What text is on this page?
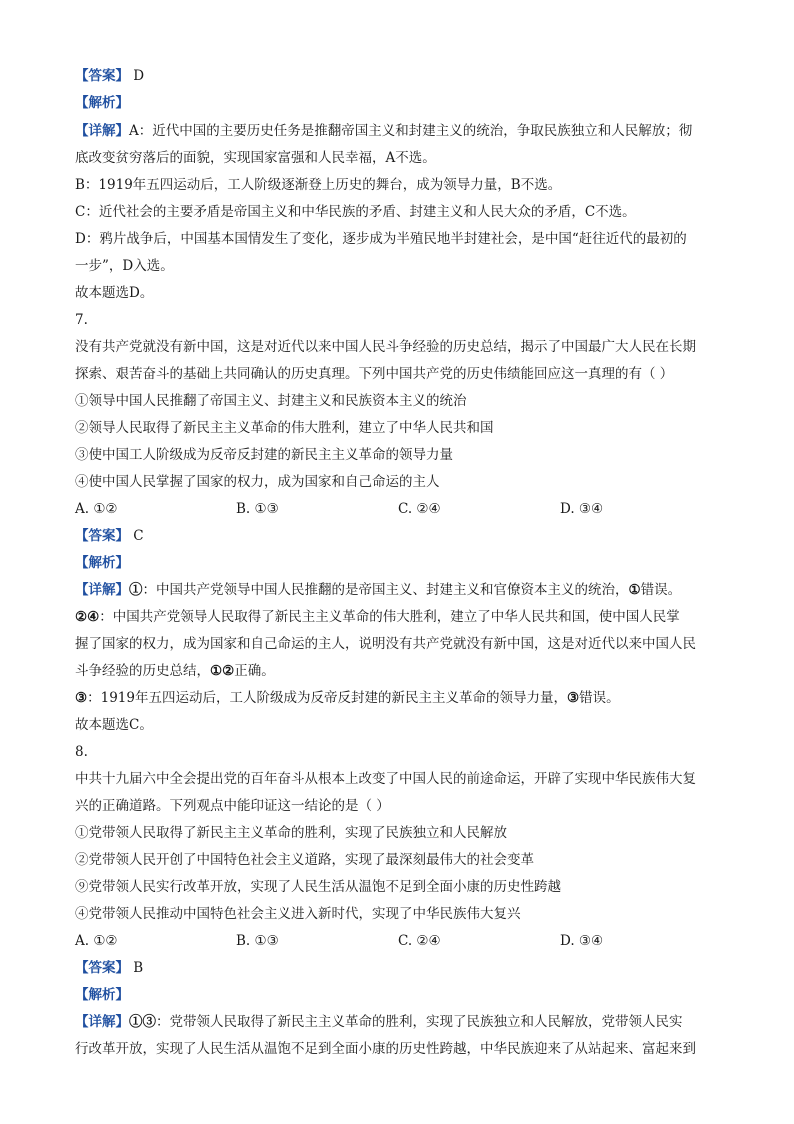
【答案】 D
【解析】
【详解】A：近代中国的主要历史任务是推翻帝国主义和封建主义的统治，争取民族独立和人民解放；彻
底改变贫穷落后的面貌，实现国家富强和人民幸福，A不选。
B：1919年五四运动后，工人阶级逐渐登上历史的舞台，成为领导力量，B不选。
C：近代社会的主要矛盾是帝国主义和中华民族的矛盾、封建主义和人民大众的矛盾，C不选。
D：鸦片战争后，中国基本国情发生了变化，逐步成为半殖民地半封建社会，是中国“赶往近代的最初的
一步”，D入选。
故本题选D。
7.
没有共产党就没有新中国，这是对近代以来中国人民斗争经验的历史总结，揭示了中国最广大人民在长期
探索、艰苦奋斗的基础上共同确认的历史真理。下列中国共产党的历史伟绩能回应这一真理的有（ ）
①领导中国人民推翻了帝国主义、封建主义和民族资本主义的统治
②领导人民取得了新民主主义革命的伟大胜利，建立了中华人民共和国
③使中国工人阶级成为反帝反封建的新民主主义革命的领导力量
④使中国人民掌握了国家的权力，成为国家和自己命运的主人
A. ①②	B. ①③	C. ②④	D. ③④
【答案】 C
【解析】
【详解】①：中国共产党领导中国人民推翻的是帝国主义、封建主义和官僚资本主义的统治，①错误。
②④：中国共产党领导人民取得了新民主主义革命的伟大胜利，建立了中华人民共和国，使中国人民掌
握了国家的权力，成为国家和自己命运的主人，说明没有共产党就没有新中国，这是对近代以来中国人民
斗争经验的历史总结，①②正确。
③：1919年五四运动后，工人阶级成为反帝反封建的新民主主义革命的领导力量，③错误。
故本题选C。
8.
中共十九届六中全会提出党的百年奋斗从根本上改变了中国人民的前途命运，开辟了实现中华民族伟大复
兴的正确道路。下列观点中能印证这一结论的是（ ）
①党带领人民取得了新民主主义革命的胜利，实现了民族独立和人民解放
②党带领人民开创了中国特色社会主义道路，实现了最深刻最伟大的社会变革
⑨党带领人民实行改革开放，实现了人民生活从温饱不足到全面小康的历史性跨越
④党带领人民推动中国特色社会主义进入新时代，实现了中华民族伟大复兴
A. ①②	B. ①③	C. ②④	D. ③④
【答案】 B
【解析】
【详解】①③：党带领人民取得了新民主主义革命的胜利，实现了民族独立和人民解放，党带领人民实
行改革开放，实现了人民生活从温饱不足到全面小康的历史性跨越，中华民族迎来了从站起来、富起来到
